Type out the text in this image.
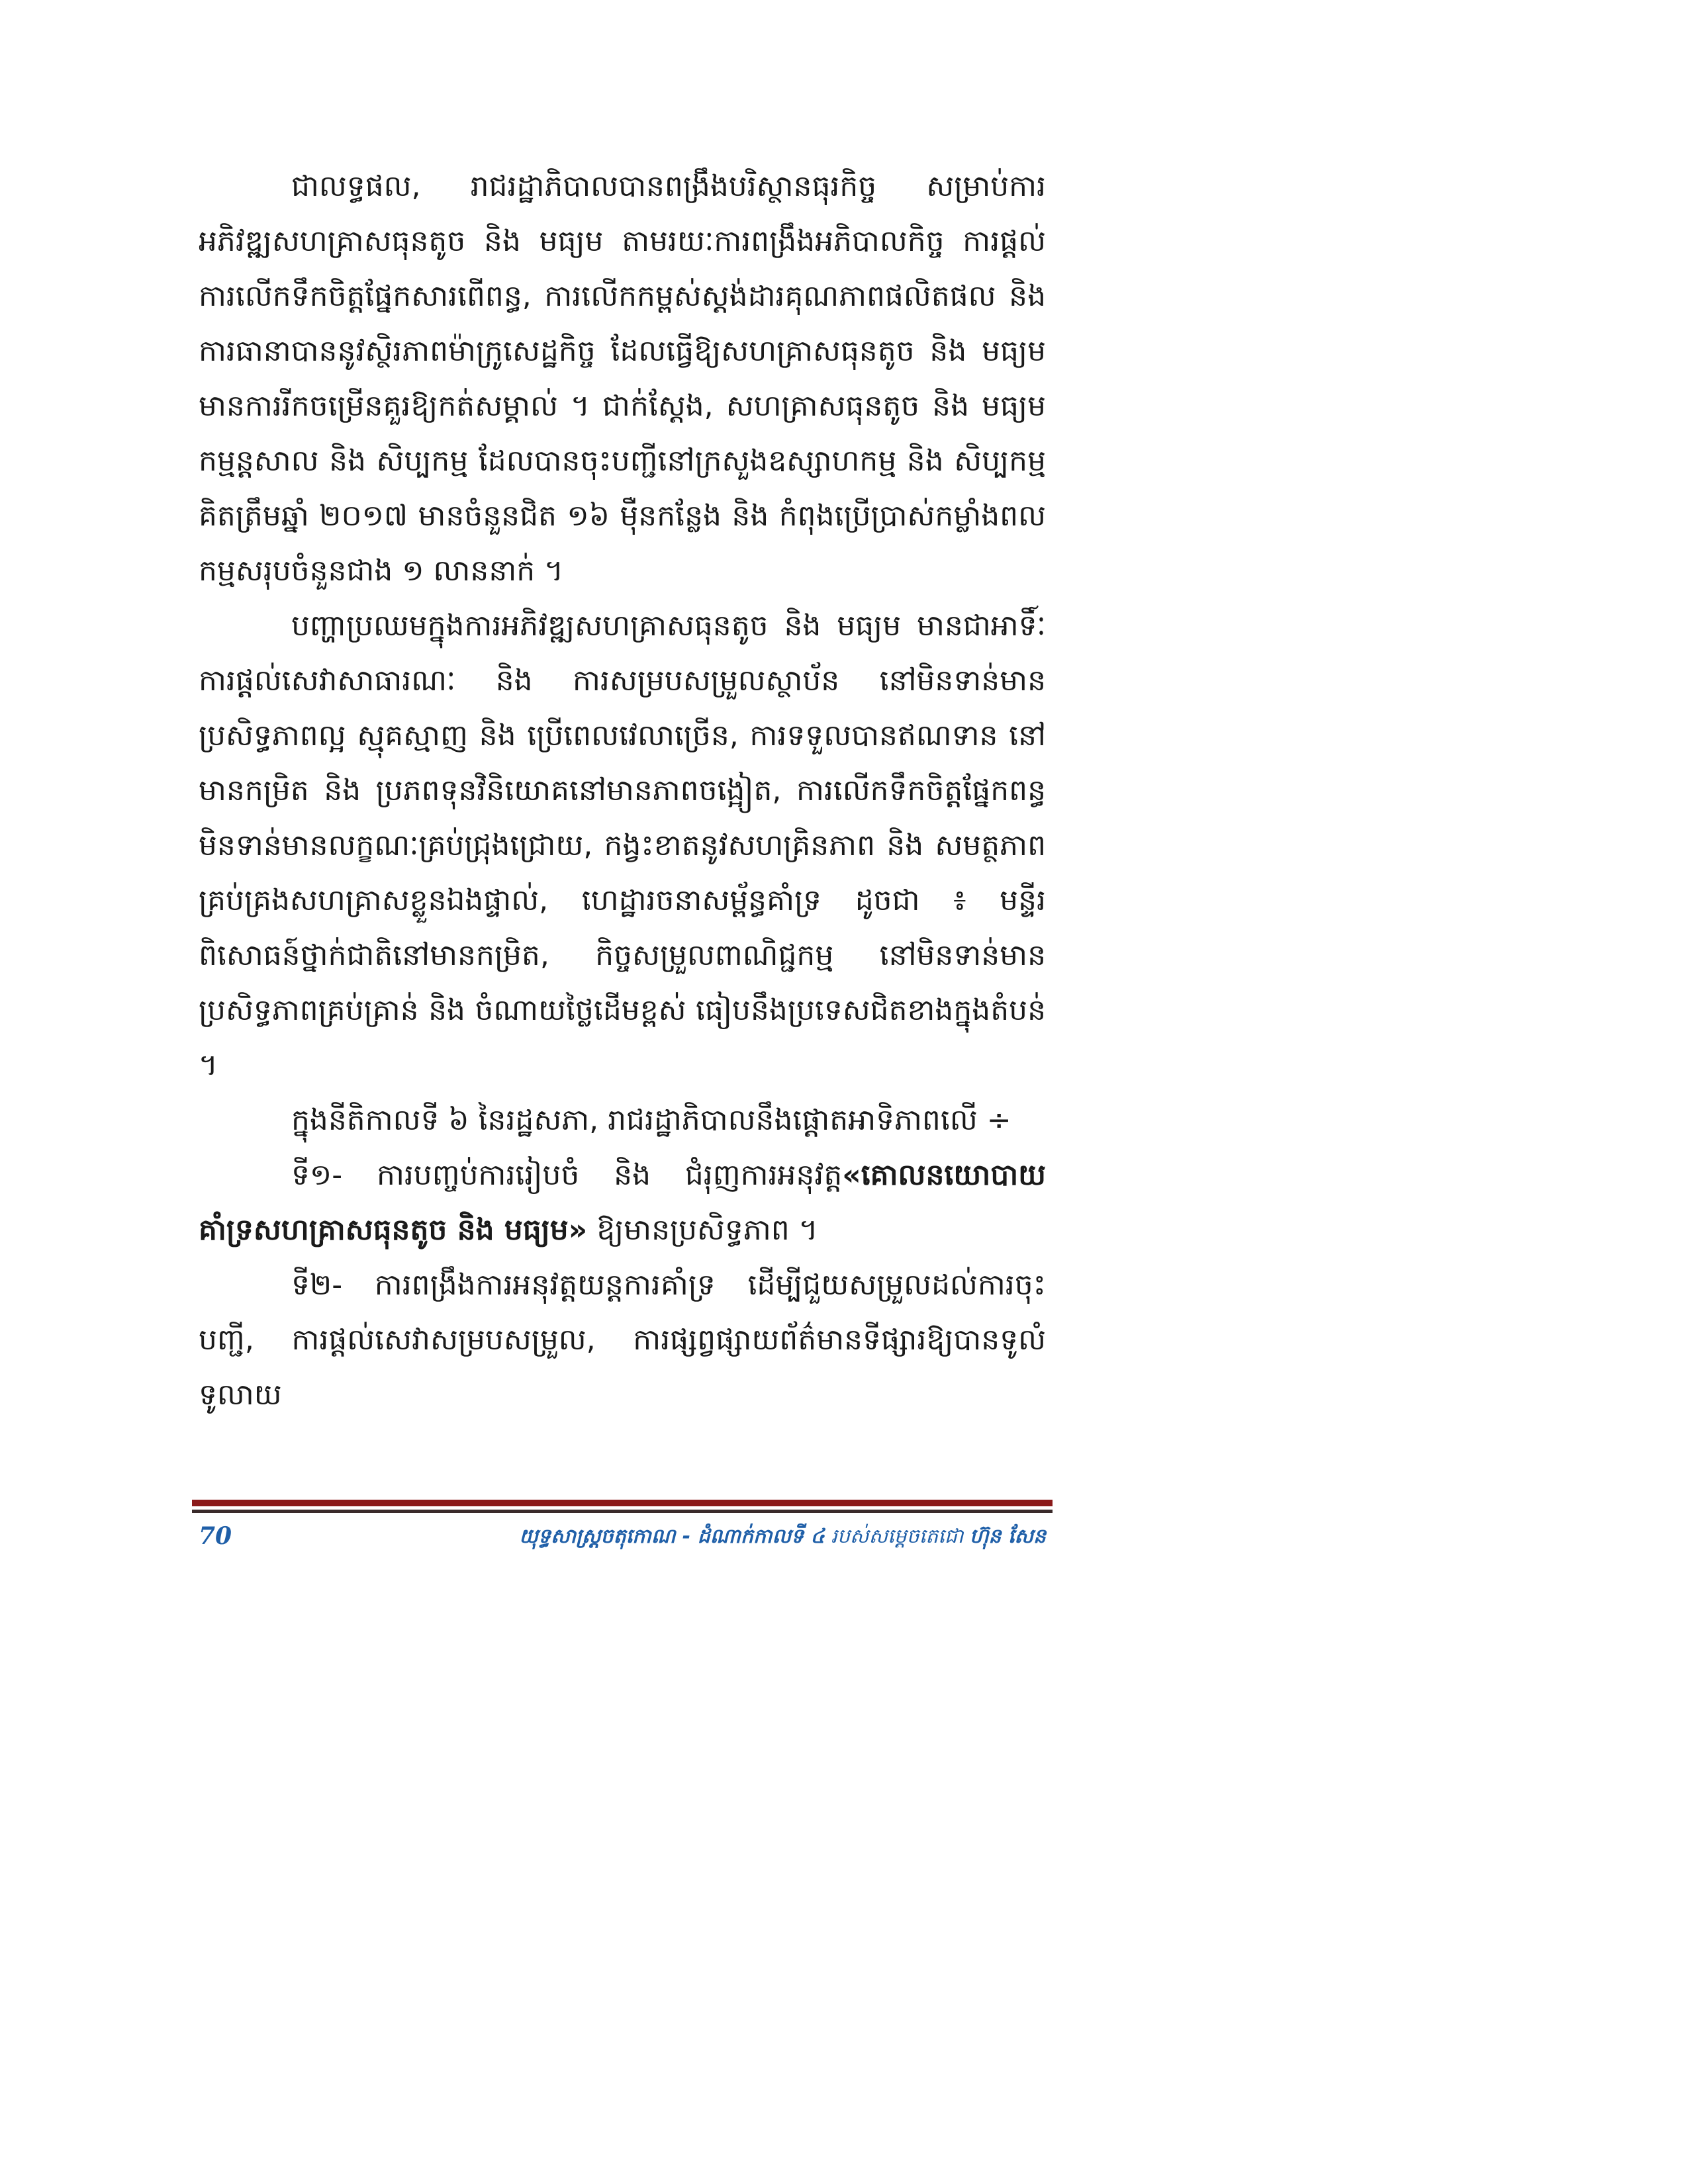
ជាលទ្ធផល, រាជរដ្ឋាភិបាលបានពង្រឹងបរិស្ថានធុរកិច្ច សម្រាប់ការអភិវឌ្ឍសហគ្រាសធុនតូច និង មធ្យម តាមរយៈការពង្រឹងអភិបាលកិច្ច ការផ្តល់ការលើកទឹកចិត្តផ្នែកសារពើពន្ធ, ការលើកកម្ពស់ស្តង់ដារគុណភាពផលិតផល និង ការធានាបាននូវស្ថិរភាពម៉ាក្រូសេដ្ឋកិច្ច ដែលធ្វើឱ្យសហគ្រាសធុនតូច និង មធ្យម មានការរីកចម្រើនគួរឱ្យកត់សម្គាល់ ។ ជាក់ស្តែង, សហគ្រាសធុនតូច និង មធ្យម កម្មន្តសាល និង សិប្បកម្ម ដែលបានចុះបញ្ជីនៅក្រសួងឧស្សាហកម្ម និង សិប្បកម្ម គិតត្រឹមឆ្នាំ ២០១៧ មានចំនួនជិត ១៦ ម៉ឺនកន្លែង និង កំពុងប្រើប្រាស់កម្លាំងពលកម្មសរុបចំនួនជាង ១ លាននាក់ ។

បញ្ហាប្រឈមក្នុងការអភិវឌ្ឍសហគ្រាសធុនតូច និង មធ្យម មានជាអាទិ៍ៈ ការផ្តល់សេវាសាធារណៈ និង ការសម្របសម្រួលស្ថាប័ន នៅមិនទាន់មានប្រសិទ្ធភាពល្អ ស្មុគស្មាញ និង ប្រើពេលវេលាច្រើន, ការទទួលបានឥណទាន នៅមានកម្រិត និង ប្រភពទុនវិនិយោគនៅមានភាពចង្អៀត, ការលើកទឹកចិត្តផ្នែកពន្ធមិនទាន់មានលក្ខណៈគ្រប់ជ្រុងជ្រោយ, កង្វះខាតនូវសហគ្រិនភាព និង សមត្ថភាពគ្រប់គ្រងសហគ្រាសខ្លួនឯងផ្ទាល់, ហេដ្ឋារចនាសម្ព័ន្ធគាំទ្រ ដូចជា ៖ មន្ទីរពិសោធន៍ថ្នាក់ជាតិនៅមានកម្រិត, កិច្ចសម្រួលពាណិជ្ជកម្ម នៅមិនទាន់មានប្រសិទ្ធភាពគ្រប់គ្រាន់ និង ចំណាយថ្លៃដើមខ្ពស់ ធៀបនឹងប្រទេសជិតខាងក្នុងតំបន់ ។

ក្នុងនីតិកាលទី ៦ នៃរដ្ឋសភា, រាជរដ្ឋាភិបាលនឹងផ្តោតអាទិភាពលើ ÷

ទី១- ការបញ្ចប់ការរៀបចំ និង ជំរុញការអនុវត្ត«គោលនយោបាយគាំទ្រសហគ្រាសធុនតូច និង មធ្យម» ឱ្យមានប្រសិទ្ធភាព ។

ទី២- ការពង្រឹងការអនុវត្តយន្តការគាំទ្រ ដើម្បីជួយសម្រួលដល់ការចុះបញ្ជី, ការផ្តល់សេវាសម្របសម្រួល, ការផ្សព្វផ្សាយព័ត៌មានទីផ្សារឱ្យបានទូលំទូលាយ

70	យុទ្ធសាស្ត្រចតុកោណ - ដំណាក់កាលទី ៤ របស់សម្តេចតេជោ ហ៊ុន សែន
